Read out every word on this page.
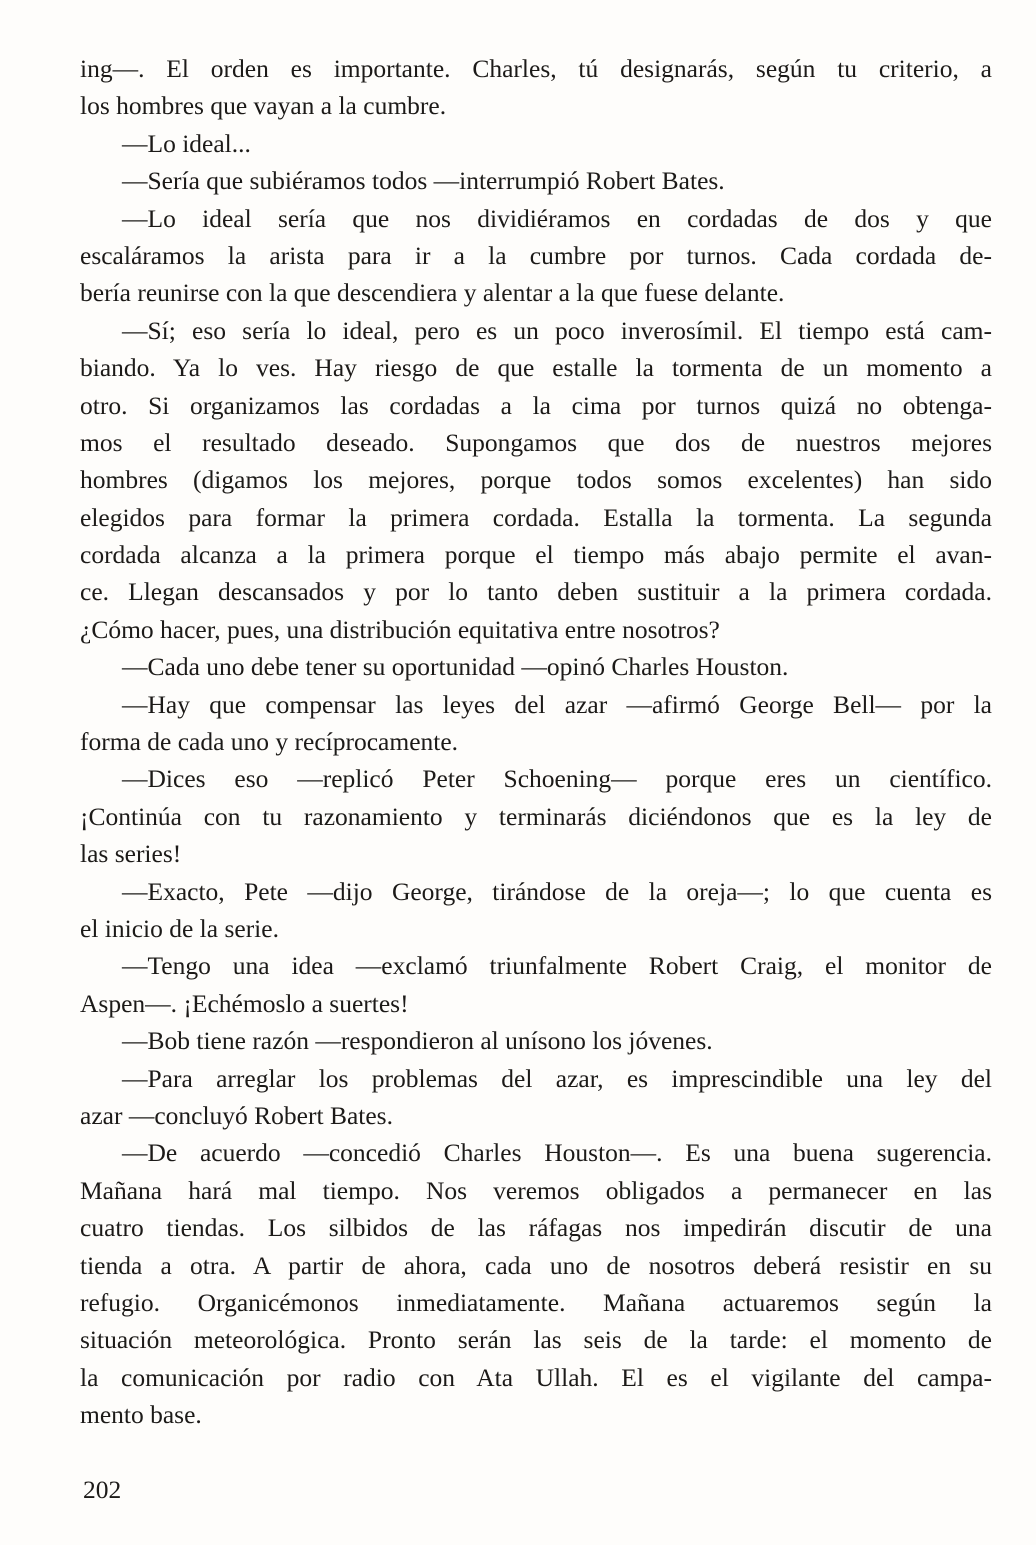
ing—. El orden es importante. Charles, tú designarás, según tu criterio, a
los hombres que vayan a la cumbre.
—Lo ideal...
—Sería que subiéramos todos —interrumpió Robert Bates.
—Lo ideal sería que nos dividiéramos en cordadas de dos y que
escaláramos la arista para ir a la cumbre por turnos. Cada cordada de-
bería reunirse con la que descendiera y alentar a la que fuese delante.
—Sí; eso sería lo ideal, pero es un poco inverosímil. El tiempo está cam-
biando. Ya lo ves. Hay riesgo de que estalle la tormenta de un momento a
otro. Si organizamos las cordadas a la cima por turnos quizá no obtenga-
mos el resultado deseado. Supongamos que dos de nuestros mejores
hombres (digamos los mejores, porque todos somos excelentes) han sido
elegidos para formar la primera cordada. Estalla la tormenta. La segunda
cordada alcanza a la primera porque el tiempo más abajo permite el avan-
ce. Llegan descansados y por lo tanto deben sustituir a la primera cordada.
¿Cómo hacer, pues, una distribución equitativa entre nosotros?
—Cada uno debe tener su oportunidad —opinó Charles Houston.
—Hay que compensar las leyes del azar —afirmó George Bell— por la
forma de cada uno y recíprocamente.
—Dices eso —replicó Peter Schoening— porque eres un científico.
¡Continúa con tu razonamiento y terminarás diciéndonos que es la ley de
las series!
—Exacto, Pete —dijo George, tirándose de la oreja—; lo que cuenta es
el inicio de la serie.
—Tengo una idea —exclamó triunfalmente Robert Craig, el monitor de
Aspen—. ¡Echémoslo a suertes!
—Bob tiene razón —respondieron al unísono los jóvenes.
—Para arreglar los problemas del azar, es imprescindible una ley del
azar —concluyó Robert Bates.
—De acuerdo —concedió Charles Houston—. Es una buena sugerencia.
Mañana hará mal tiempo. Nos veremos obligados a permanecer en las
cuatro tiendas. Los silbidos de las ráfagas nos impedirán discutir de una
tienda a otra. A partir de ahora, cada uno de nosotros deberá resistir en su
refugio. Organicémonos inmediatamente. Mañana actuaremos según la
situación meteorológica. Pronto serán las seis de la tarde: el momento de
la comunicación por radio con Ata Ullah. El es el vigilante del campa-
mento base.
202
